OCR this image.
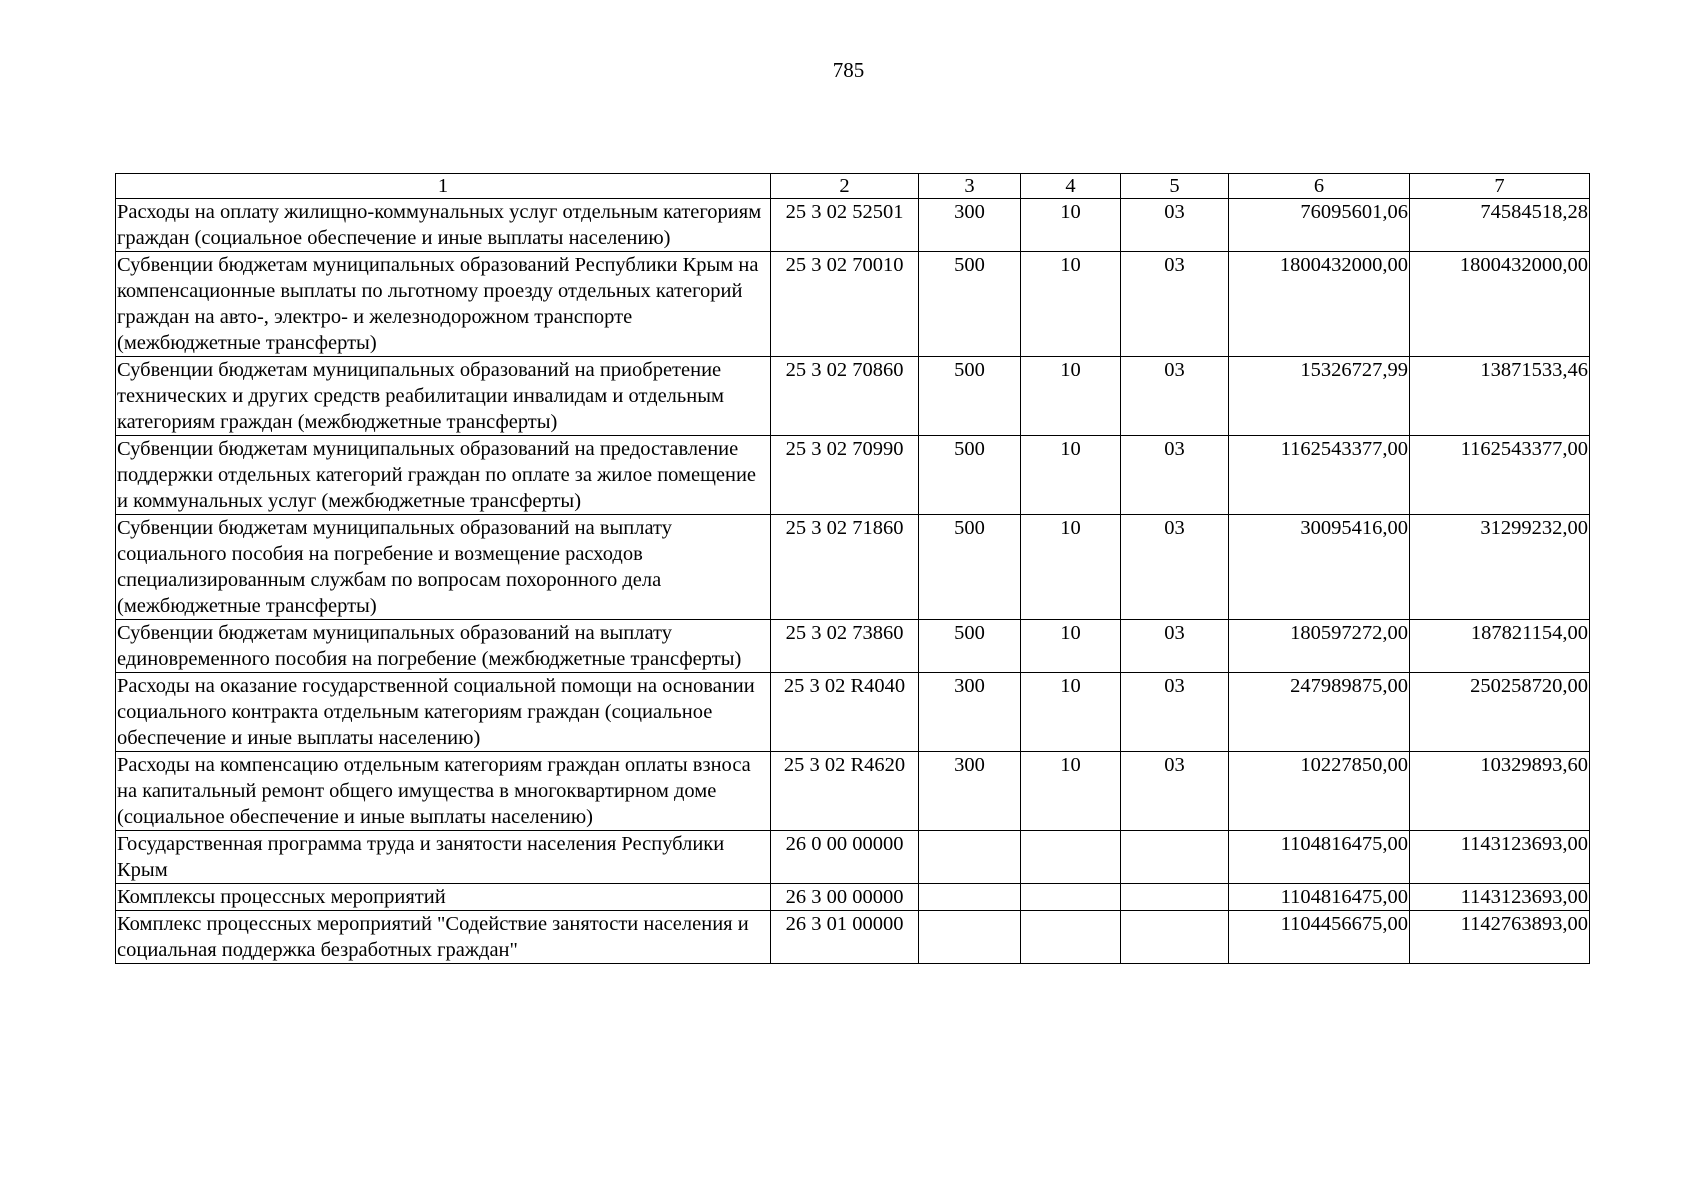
785
1	2	3	4	5	6	7
Расходы на оплату жилищно-коммунальных услуг отдельным категориям граждан (социальное обеспечение и иные выплаты населению)	25 3 02 52501	300	10	03	76095601,06	74584518,28
Субвенции бюджетам муниципальных образований Республики Крым на компенсационные выплаты по льготному проезду отдельных категорий граждан на авто-, электро- и железнодорожном транспорте (межбюджетные трансферты)	25 3 02 70010	500	10	03	1800432000,00	1800432000,00
Субвенции бюджетам муниципальных образований на приобретение технических и других средств реабилитации инвалидам и отдельным категориям граждан (межбюджетные трансферты)	25 3 02 70860	500	10	03	15326727,99	13871533,46
Субвенции бюджетам муниципальных образований на предоставление поддержки отдельных категорий граждан по оплате за жилое помещение и коммунальных услуг (межбюджетные трансферты)	25 3 02 70990	500	10	03	1162543377,00	1162543377,00
Субвенции бюджетам муниципальных образований на выплату социального пособия на погребение и возмещение расходов специализированным службам по вопросам похоронного дела (межбюджетные трансферты)	25 3 02 71860	500	10	03	30095416,00	31299232,00
Субвенции бюджетам муниципальных образований на выплату единовременного пособия на погребение (межбюджетные трансферты)	25 3 02 73860	500	10	03	180597272,00	187821154,00
Расходы на оказание государственной социальной помощи на основании социального контракта отдельным категориям граждан (социальное обеспечение и иные выплаты населению)	25 3 02 R4040	300	10	03	247989875,00	250258720,00
Расходы на компенсацию отдельным категориям граждан оплаты взноса на капитальный ремонт общего имущества в многоквартирном доме (социальное обеспечение и иные выплаты населению)	25 3 02 R4620	300	10	03	10227850,00	10329893,60
Государственная программа труда и занятости населения Республики Крым	26 0 00 00000				1104816475,00	1143123693,00
Комплексы процессных мероприятий	26 3 00 00000				1104816475,00	1143123693,00
Комплекс процессных мероприятий "Содействие занятости населения и социальная поддержка безработных граждан"	26 3 01 00000				1104456675,00	1142763893,00
